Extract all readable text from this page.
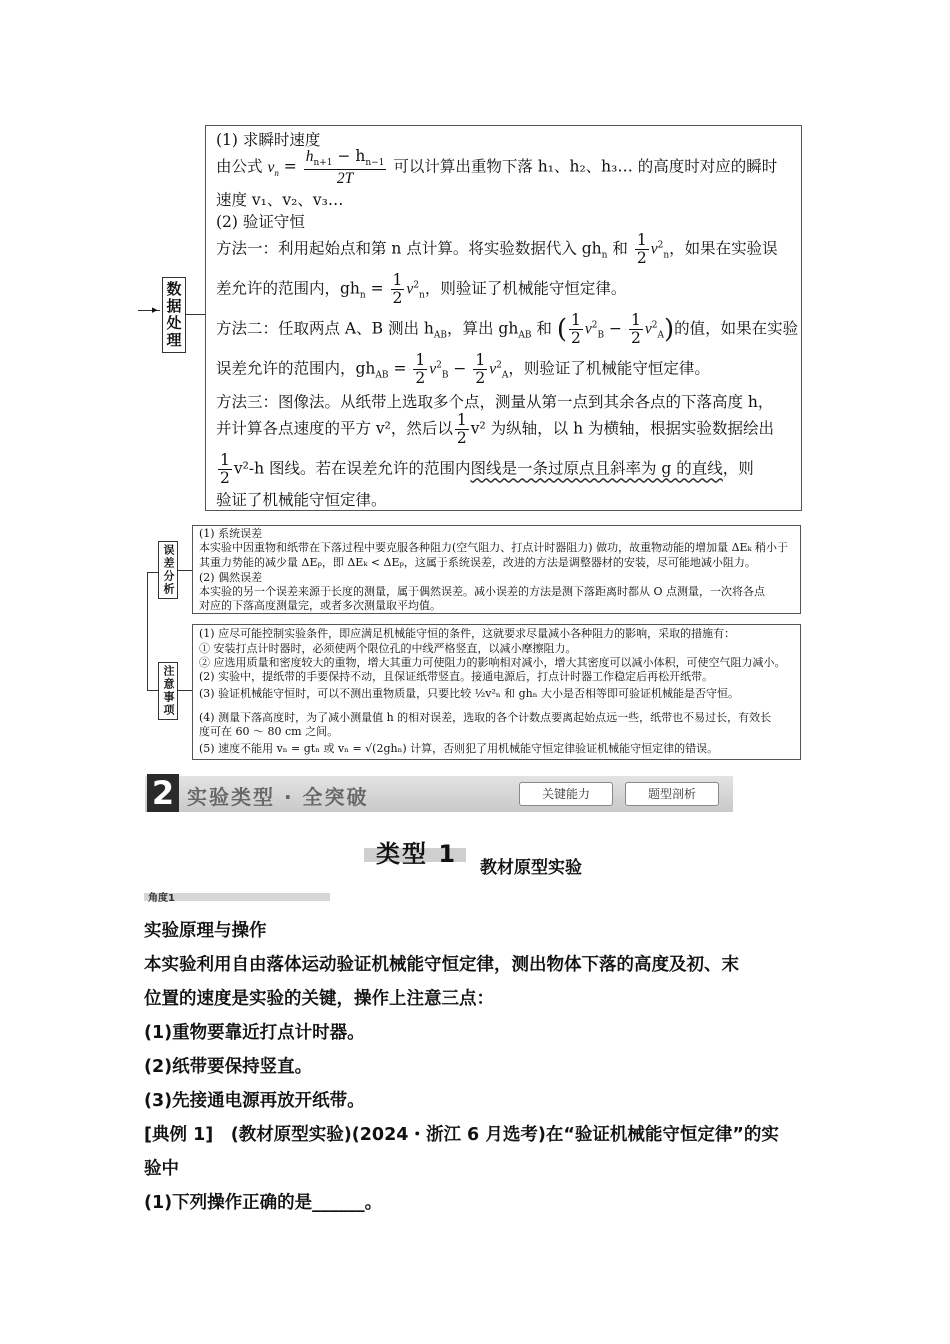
▸ 数据处理
(1) 求瞬时速度
由公式 $v_n = \frac{h_{n+1} - h_{n-1}}{2T}$ 可以计算出重物下落 h₁、h₂、h₃… 的高度时对应的瞬时
速度 v₁、v₂、v₃…
(2) 验证守恒
方法一：利用起始点和第 n 点计算。将实验数据代入 $gh_n$ 和 $\frac{1}{2} v^2_n$，如果在实验误
差允许的范围内，$gh_n = \frac{1}{2} v^2_n$，则验证了机械能守恒定律。
方法二：任取两点 A、B 测出 $h_{AB}$，算出 $gh_{AB}$ 和 ( $\frac{1}{2} v^2_B - \frac{1}{2} v^2_A$)的值，如果在实验
误差允许的范围内，$gh_{AB} = \frac{1}{2} v^2_B - \frac{1}{2} v^2_A$，则验证了机械能守恒定律。
方法三：图像法。从纸带上选取多个点，测量从第一点到其余各点的下落高度 h，
并计算各点速度的平方 v²，然后以 $\frac{1}{2} v^2$ 为纵轴，以 h 为横轴，根据实验数据绘出
$\frac{1}{2} v^2-h$ 图线。若在误差允许的范围内图线是一条过原点且斜率为 g 的直线，则
验证了机械能守恒定律。
误差分析
(1) 系统误差
本实验中因重物和纸带在下落过程中要克服各种阻力(空气阻力、打点计时器阻力) 做功，故重物动能的增加量 ΔEₖ 稍小于
其重力势能的减少量 ΔEₚ，即 ΔEₖ < ΔEₚ，这属于系统误差，改进的方法是调整器材的安装，尽可能地减小阻力。
(2) 偶然误差
本实验的另一个误差来源于长度的测量，属于偶然误差。减小误差的方法是测下落距离时都从 O 点测量，一次将各点
对应的下落高度测量完，或者多次测量取平均值。
注意事项
(1) 应尽可能控制实验条件，即应满足机械能守恒的条件，这就要求尽量减小各种阻力的影响，采取的措施有：
① 安装打点计时器时，必须使两个限位孔的中线严格竖直，以减小摩擦阻力。
② 应选用质量和密度较大的重物，增大其重力可使阻力的影响相对减小，增大其密度可以减小体积，可使空气阻力减小。
(2) 实验中，提纸带的手要保持不动，且保证纸带竖直。接通电源后，打点计时器工作稳定后再松开纸带。
(3) 验证机械能守恒时，可以不测出重物质量，只要比较 ½v²ₙ 和 ghₙ 大小是否相等即可验证机械能是否守恒。
(4) 测量下落高度时，为了减小测量值 h 的相对误差，选取的各个计数点要离起始点远一些，纸带也不易过长，有效长
度可在 60 ～ 80 cm 之间。
(5) 速度不能用 vₙ = gtₙ 或 vₙ = √(2ghₙ) 计算，否则犯了用机械能守恒定律验证机械能守恒定律的错误。
2 实验类型 · 全突破	关键能力	题型剖析
类型 1 教材原型实验
角度1
实验原理与操作
本实验利用自由落体运动验证机械能守恒定律，测出物体下落的高度及初、末
位置的速度是实验的关键，操作上注意三点：
(1)重物要靠近打点计时器。
(2)纸带要保持竖直。
(3)先接通电源再放开纸带。
[典例 1]　(教材原型实验)(2024・浙江 6 月选考)在“验证机械能守恒定律”的实
验中
(1)下列操作正确的是______。
